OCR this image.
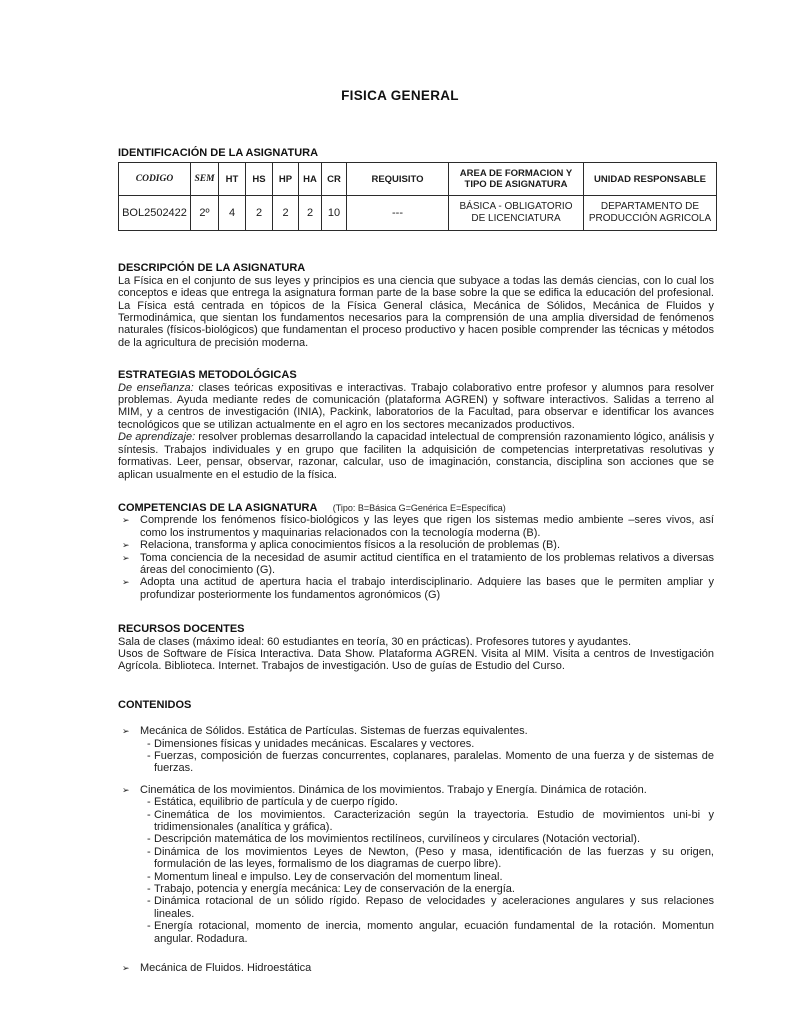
FISICA GENERAL
IDENTIFICACIÓN DE LA ASIGNATURA
CODIGO	SEM	HT	HS	HP	HA	CR	REQUISITO	AREA DE FORMACION Y TIPO DE ASIGNATURA	UNIDAD RESPONSABLE
BOL2502422	2º	4	2	2	2	10	---	BÁSICA - OBLIGATORIO DE LICENCIATURA	DEPARTAMENTO DE PRODUCCIÓN AGRICOLA
DESCRIPCIÓN DE LA ASIGNATURA
La Física en el conjunto de sus leyes y principios es una ciencia que subyace a todas las demás ciencias, con lo cual los conceptos e ideas que entrega la asignatura forman parte de la base sobre la que se edifica la educación del profesional. La Física está centrada en tópicos de la Física General clásica, Mecánica de Sólidos, Mecánica de Fluidos y Termodinámica, que sientan los fundamentos necesarios para la comprensión de una amplia diversidad de fenómenos naturales (físicos-biológicos) que fundamentan el proceso productivo y hacen posible comprender las técnicas y métodos de la agricultura de precisión moderna.
ESTRATEGIAS METODOLÓGICAS
De enseñanza: clases teóricas expositivas e interactivas. Trabajo colaborativo entre profesor y alumnos para resolver problemas. Ayuda mediante redes de comunicación (plataforma AGREN) y software interactivos. Salidas a terreno al MIM, y a centros de investigación (INIA), Packink, laboratorios de la Facultad, para observar e identificar los avances tecnológicos que se utilizan actualmente en el agro en los sectores mecanizados productivos.
De aprendizaje: resolver problemas desarrollando la capacidad intelectual de comprensión razonamiento lógico, análisis y síntesis. Trabajos individuales y en grupo que faciliten la adquisición de competencias interpretativas resolutivas y formativas. Leer, pensar, observar, razonar, calcular, uso de imaginación, constancia, disciplina son acciones que se aplican usualmente en el estudio de la física.
COMPETENCIAS DE LA ASIGNATURA (Tipo: B=Básica G=Genérica E=Específica)
➢ Comprende los fenómenos físico-biológicos y las leyes que rigen los sistemas medio ambiente –seres vivos, así como los instrumentos y maquinarias relacionados con la tecnología moderna (B).
➢ Relaciona, transforma y aplica conocimientos físicos a la resolución de problemas (B).
➢ Toma conciencia de la necesidad de asumir actitud científica en el tratamiento de los problemas relativos a diversas áreas del conocimiento (G).
➢ Adopta una actitud de apertura hacia el trabajo interdisciplinario. Adquiere las bases que le permiten ampliar y profundizar posteriormente los fundamentos agronómicos (G)
RECURSOS DOCENTES
Sala de clases (máximo ideal: 60 estudiantes en teoría, 30 en prácticas). Profesores tutores y ayudantes.
Usos de Software de Física Interactiva. Data Show. Plataforma AGREN. Visita al MIM. Visita a centros de Investigación Agrícola. Biblioteca. Internet. Trabajos de investigación. Uso de guías de Estudio del Curso.
CONTENIDOS
➢ Mecánica de Sólidos. Estática de Partículas. Sistemas de fuerzas equivalentes.
- Dimensiones físicas y unidades mecánicas. Escalares y vectores.
- Fuerzas, composición de fuerzas concurrentes, coplanares, paralelas. Momento de una fuerza y de sistemas de fuerzas.
➢ Cinemática de los movimientos. Dinámica de los movimientos. Trabajo y Energía. Dinámica de rotación.
- Estática, equilibrio de partícula y de cuerpo rígido.
- Cinemática de los movimientos. Caracterización según la trayectoria. Estudio de movimientos uni-bi y tridimensionales (analítica y gráfica).
- Descripción matemática de los movimientos rectilíneos, curvilíneos y circulares (Notación vectorial).
- Dinámica de los movimientos Leyes de Newton, (Peso y masa, identificación de las fuerzas y su origen, formulación de las leyes, formalismo de los diagramas de cuerpo libre).
- Momentum lineal e impulso. Ley de conservación del momentum lineal.
- Trabajo, potencia y energía mecánica: Ley de conservación de la energía.
- Dinámica rotacional de un sólido rígido. Repaso de velocidades y aceleraciones angulares y sus relaciones lineales.
- Energía rotacional, momento de inercia, momento angular, ecuación fundamental de la rotación. Momentun angular. Rodadura.
➢ Mecánica de Fluidos. Hidroestática
